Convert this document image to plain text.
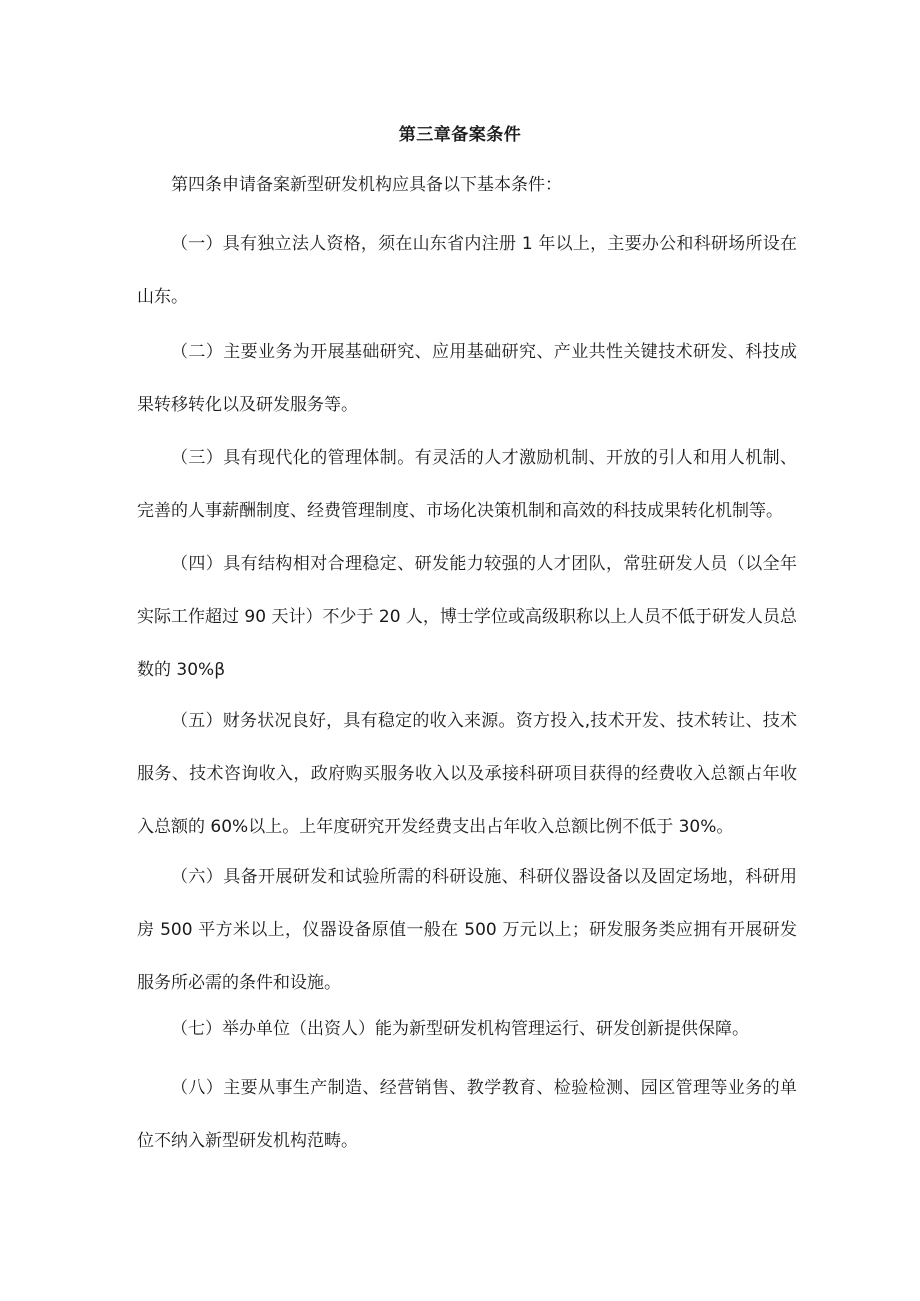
第三章备案条件

第四条申请备案新型研发机构应具备以下基本条件：

（一）具有独立法人资格，须在山东省内注册 1 年以上，主要办公和科研场所设在山东。

（二）主要业务为开展基础研究、应用基础研究、产业共性关键技术研发、科技成果转移转化以及研发服务等。

（三）具有现代化的管理体制。有灵活的人才激励机制、开放的引人和用人机制、完善的人事薪酬制度、经费管理制度、市场化决策机制和高效的科技成果转化机制等。

（四）具有结构相对合理稳定、研发能力较强的人才团队，常驻研发人员（以全年实际工作超过 90 天计）不少于 20 人，博士学位或高级职称以上人员不低于研发人员总数的 30%β

（五）财务状况良好，具有稳定的收入来源。资方投入,技术开发、技术转让、技术服务、技术咨询收入，政府购买服务收入以及承接科研项目获得的经费收入总额占年收入总额的 60%以上。上年度研究开发经费支出占年收入总额比例不低于 30%。

（六）具备开展研发和试验所需的科研设施、科研仪器设备以及固定场地，科研用房 500 平方米以上，仪器设备原值一般在 500 万元以上；研发服务类应拥有开展研发服务所必需的条件和设施。

（七）举办单位（出资人）能为新型研发机构管理运行、研发创新提供保障。

（八）主要从事生产制造、经营销售、教学教育、检验检测、园区管理等业务的单位不纳入新型研发机构范畴。
